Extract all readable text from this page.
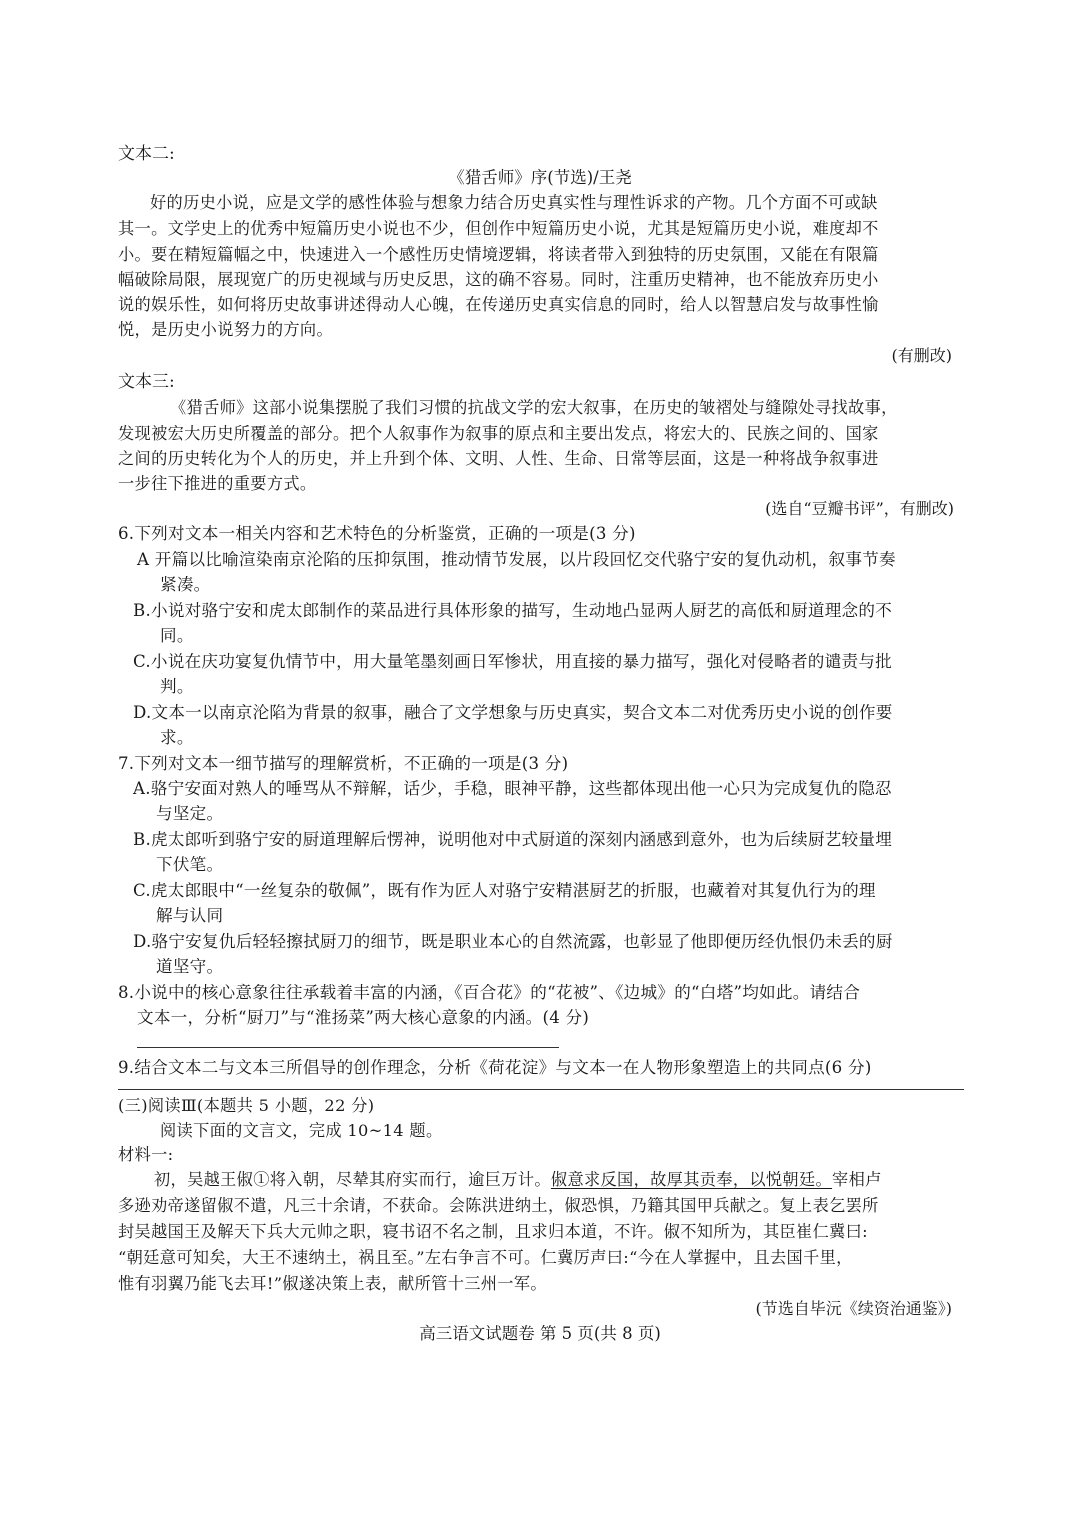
文本二:
《猎舌师》序(节选)/王尧
好的历史小说，应是文学的感性体验与想象力结合历史真实性与理性诉求的产物。几个方面不可或缺
其一。文学史上的优秀中短篇历史小说也不少，但创作中短篇历史小说，尤其是短篇历史小说，难度却不
小。要在精短篇幅之中，快速进入一个感性历史情境逻辑，将读者带入到独特的历史氛围，又能在有限篇
幅破除局限，展现宽广的历史视域与历史反思，这的确不容易。同时，注重历史精神，也不能放弃历史小
说的娱乐性，如何将历史故事讲述得动人心魄，在传递历史真实信息的同时，给人以智慧启发与故事性愉
悦，是历史小说努力的方向。
(有删改)
文本三:
《猎舌师》这部小说集摆脱了我们习惯的抗战文学的宏大叙事，在历史的皱褶处与缝隙处寻找故事，
发现被宏大历史所覆盖的部分。把个人叙事作为叙事的原点和主要出发点，将宏大的、民族之间的、国家
之间的历史转化为个人的历史，并上升到个体、文明、人性、生命、日常等层面，这是一种将战争叙事进
一步往下推进的重要方式。
(选自“豆瓣书评”，有删改)
6.下列对文本一相关内容和艺术特色的分析鉴赏，正确的一项是(3 分)
A 开篇以比喻渲染南京沦陷的压抑氛围，推动情节发展，以片段回忆交代骆宁安的复仇动机，叙事节奏
紧凑。
B.小说对骆宁安和虎太郎制作的菜品进行具体形象的描写，生动地凸显两人厨艺的高低和厨道理念的不
同。
C.小说在庆功宴复仇情节中，用大量笔墨刻画日军惨状，用直接的暴力描写，强化对侵略者的谴责与批
判。
D.文本一以南京沦陷为背景的叙事，融合了文学想象与历史真实，契合文本二对优秀历史小说的创作要
求。
7.下列对文本一细节描写的理解赏析，不正确的一项是(3 分)
A.骆宁安面对熟人的唾骂从不辩解，话少，手稳，眼神平静，这些都体现出他一心只为完成复仇的隐忍
与坚定。
B.虎太郎听到骆宁安的厨道理解后愣神，说明他对中式厨道的深刻内涵感到意外，也为后续厨艺较量埋
下伏笔。
C.虎太郎眼中“一丝复杂的敬佩”，既有作为匠人对骆宁安精湛厨艺的折服，也藏着对其复仇行为的理
解与认同
D.骆宁安复仇后轻轻擦拭厨刀的细节，既是职业本心的自然流露，也彰显了他即便历经仇恨仍未丢的厨
道坚守。
8.小说中的核心意象往往承载着丰富的内涵，《百合花》的“花被”、《边城》的“白塔”均如此。请结合
文本一，分析“厨刀”与“淮扬菜”两大核心意象的内涵。(4 分)
9.结合文本二与文本三所倡导的创作理念，分析《荷花淀》与文本一在人物形象塑造上的共同点(6 分)
(三)阅读Ⅲ(本题共 5 小题，22 分)
阅读下面的文言文，完成 10~14 题。
材料一:
初，吴越王俶①将入朝，尽辇其府实而行，逾巨万计。俶意求反国，故厚其贡奉，以悦朝廷。宰相卢
多逊劝帝遂留俶不遣，凡三十余请，不获命。会陈洪进纳土，俶恐惧，乃籍其国甲兵献之。复上表乞罢所
封吴越国王及解天下兵大元帅之职，寝书诏不名之制，且求归本道，不许。俶不知所为，其臣崔仁冀曰:
“朝廷意可知矣，大王不速纳土，祸且至。”左右争言不可。仁冀厉声曰:“今在人掌握中，且去国千里，
惟有羽翼乃能飞去耳!”俶遂决策上表，献所管十三州一军。
(节选自毕沅《续资治通鉴》)
高三语文试题卷 第 5 页(共 8 页)
